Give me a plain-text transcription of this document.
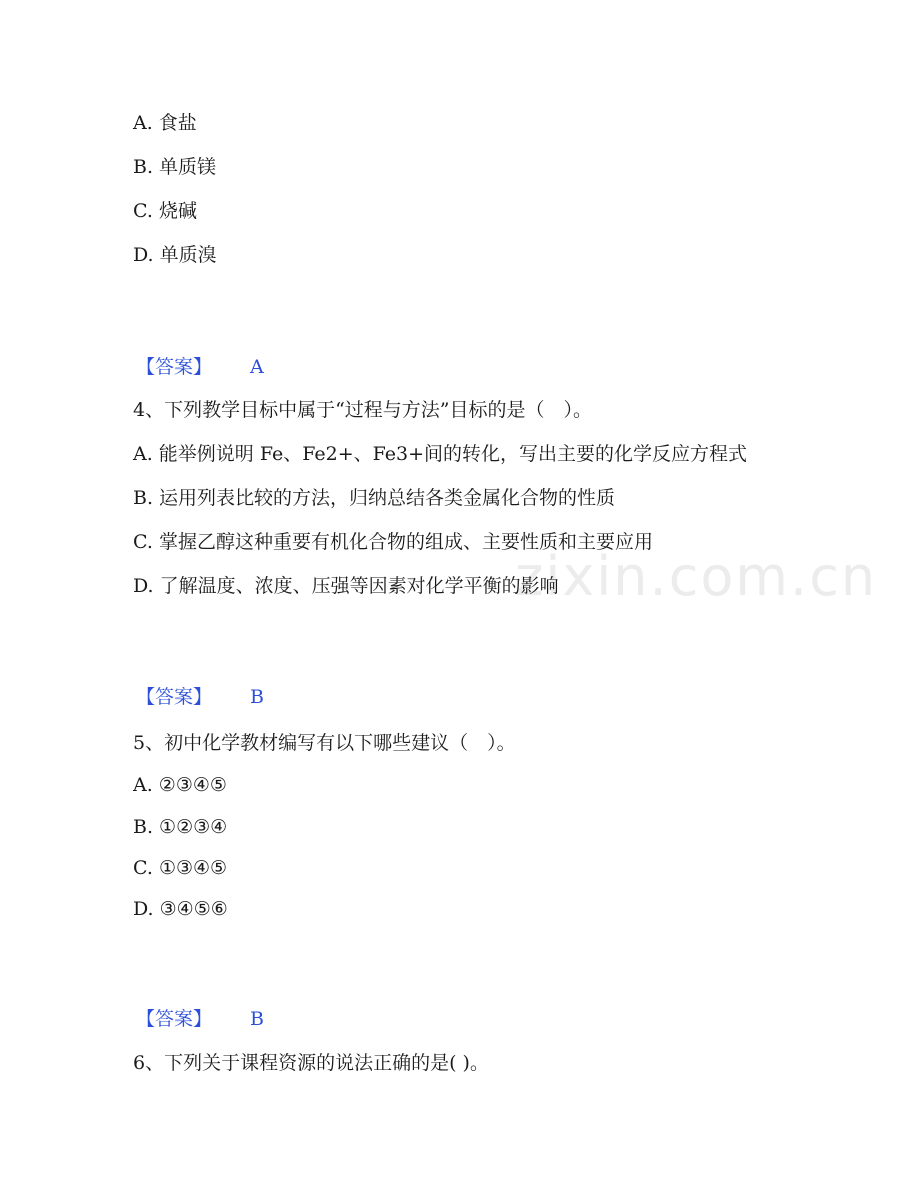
zixin.com.cn
A. 食盐
B. 单质镁
C. 烧碱
D. 单质溴
【答案】 A
4、下列教学目标中属于“过程与方法”目标的是（　）。
A. 能举例说明 Fe、Fe2+、Fe3+间的转化，写出主要的化学反应方程式
B. 运用列表比较的方法，归纳总结各类金属化合物的性质
C. 掌握乙醇这种重要有机化合物的组成、主要性质和主要应用
D. 了解温度、浓度、压强等因素对化学平衡的影响
【答案】 B
5、初中化学教材编写有以下哪些建议（　）。
A. ②③④⑤
B. ①②③④
C. ①③④⑤
D. ③④⑤⑥
【答案】 B
6、下列关于课程资源的说法正确的是( )。
